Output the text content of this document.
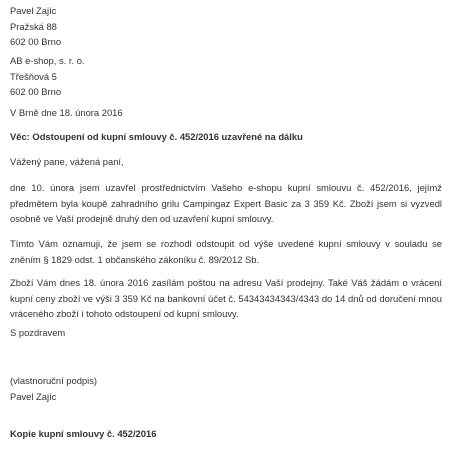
Pavel Zajíc
Pražská 88
602 00 Brno
AB e-shop, s. r. o.
Třešňová 5
602 00 Brno
V Brně dne 18. února 2016
Věc: Odstoupení od kupní smlouvy č. 452/2016 uzavřené na dálku
Vážený pane, vážená paní,
dne 10. února jsem uzavřel prostřednictvím Vašeho e-shopu kupní smlouvu č. 452/2016, jejímž předmětem byla koupě zahradního grilu Campingaz Expert Basic za 3 359 Kč. Zboží jsem si vyzvedl osobně ve Vaší prodejně druhý den od uzavření kupní smlouvy.
Tímto Vám oznamuji, že jsem se rozhodl odstoupit od výše uvedené kupní smlouvy v souladu se zněním § 1829 odst. 1 občanského zákoníku č. 89/2012 Sb.
Zboží Vám dnes 18. února 2016 zasílám poštou na adresu Vaší prodejny. Také Váš žádám o vrácení kupní ceny zboží ve výši 3 359 Kč na bankovní účet č. 54343434343/4343 do 14 dnů od doručení mnou vráceného zboží i tohoto odstoupení od kupní smlouvy.
S pozdravem
(vlastnoruční podpis)
Pavel Zajíc
Kopie kupní smlouvy č. 452/2016
